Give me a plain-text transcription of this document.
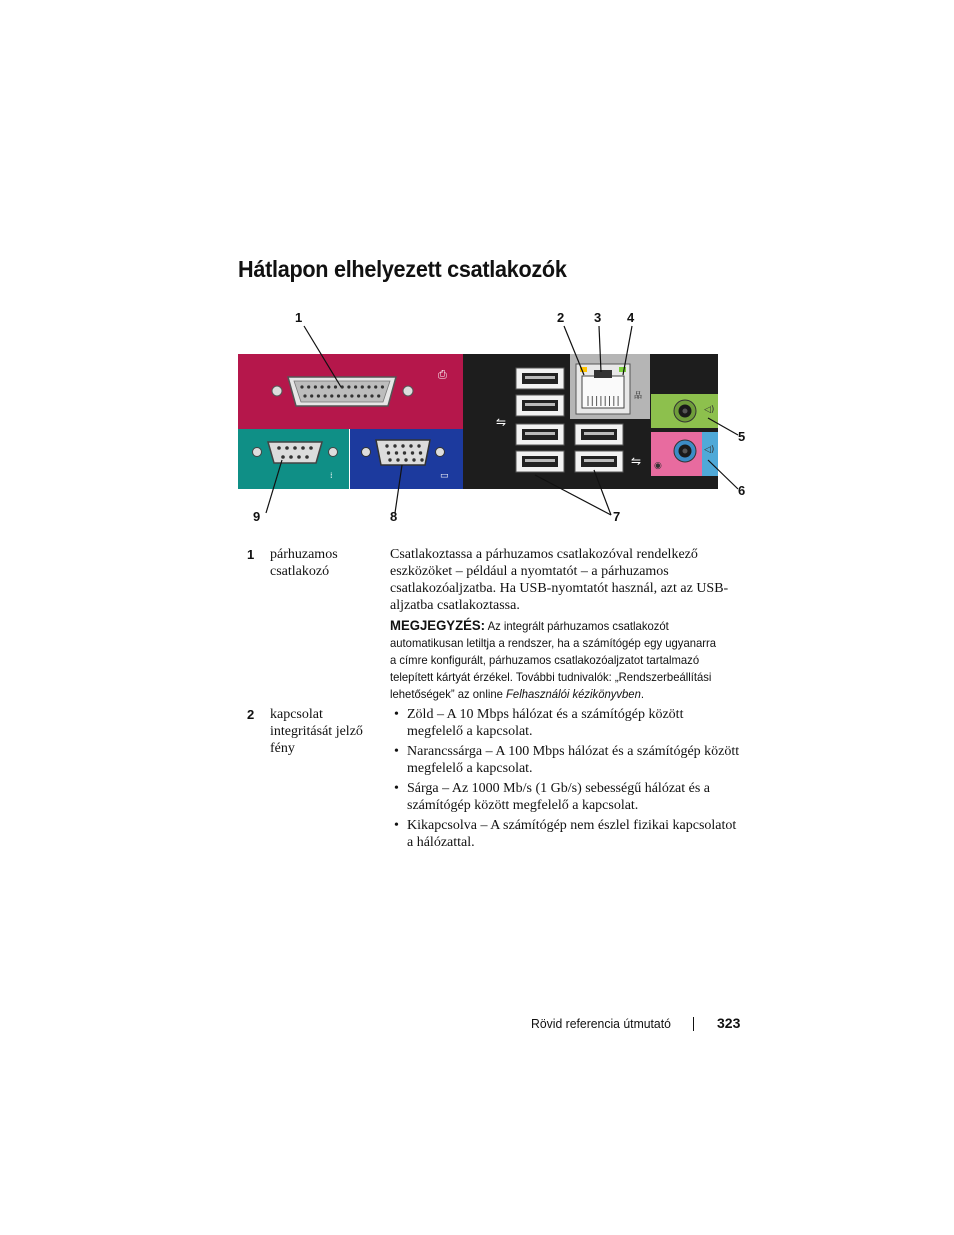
Hátlapon elhelyezett csatlakozók
⎙
⁞	▭
⇋
⇋
品
◁)
◁)
◉
1	2 3 4
5
6
7
8
9
1 párhuzamos csatlakozó
Csatlakoztassa a párhuzamos csatlakozóval rendelkező eszközöket – például a nyomtatót – a párhuzamos csatlakozóaljzatba. Ha USB-nyomtatót használ, azt az USB-aljzatba csatlakoztassa.
MEGJEGYZÉS: Az integrált párhuzamos csatlakozót automatikusan letiltja a rendszer, ha a számítógép egy ugyanarra a címre konfigurált, párhuzamos csatlakozóaljzatot tartalmazó telepített kártyát érzékel. További tudnivalók: „Rendszerbeállítási lehetőségek” az online Felhasználói kézikönyvben.
2 kapcsolat integritását jelző fény
• Zöld – A 10 Mbps hálózat és a számítógép között megfelelő a kapcsolat.
• Narancssárga – A 100 Mbps hálózat és a számítógép között megfelelő a kapcsolat.
• Sárga – Az 1000 Mb/s (1 Gb/s) sebességű hálózat és a számítógép között megfelelő a kapcsolat.
• Kikapcsolva – A számítógép nem észlel fizikai kapcsolatot a hálózattal.
Rövid referencia útmutató	323
